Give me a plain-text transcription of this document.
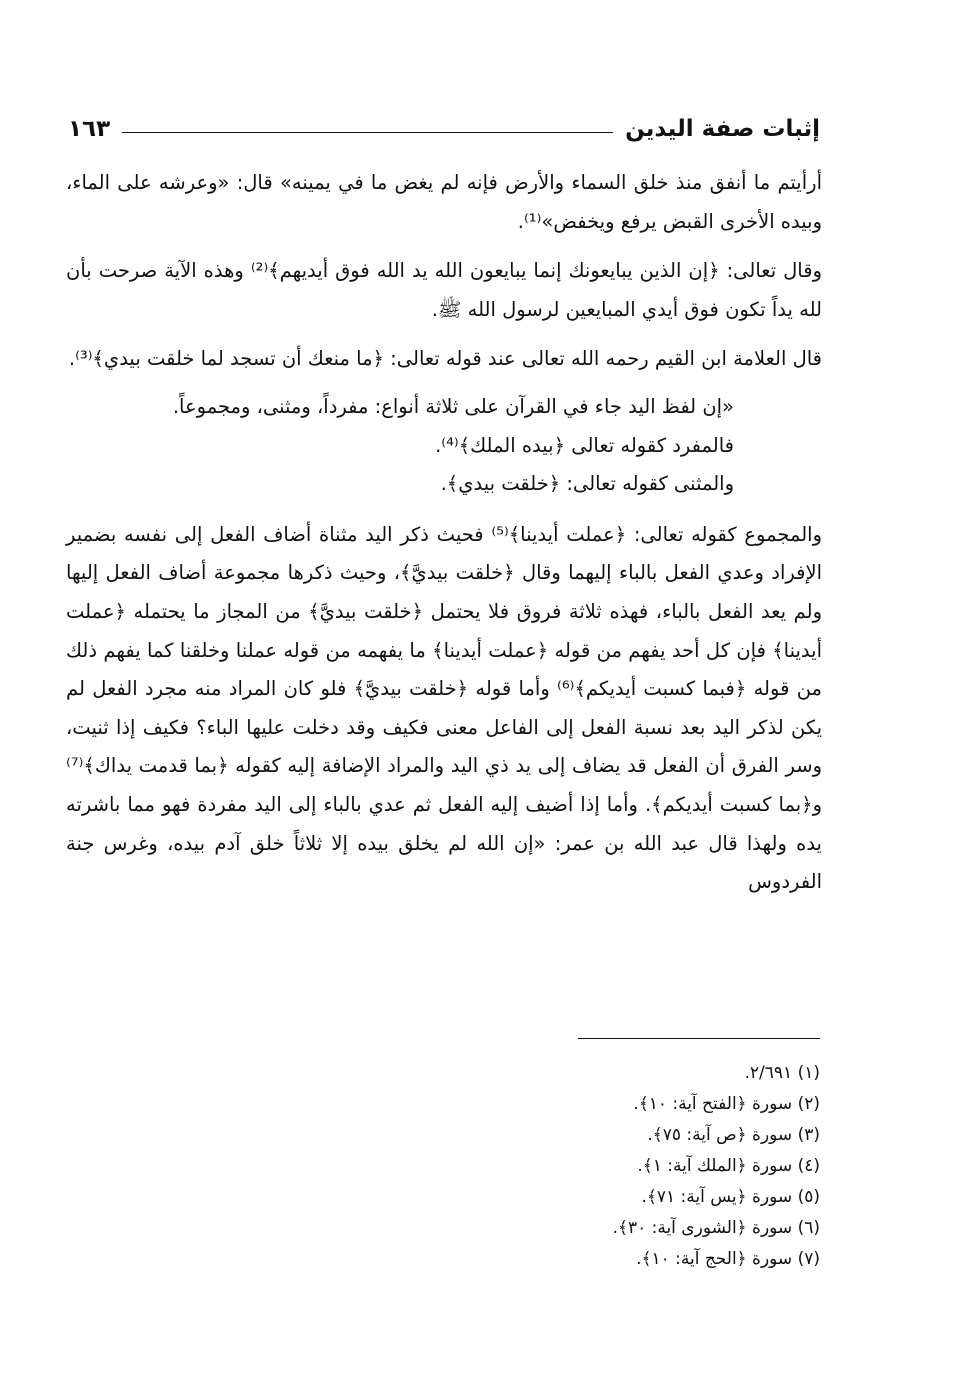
إثبات صفة اليدين
١٦٣

أرأيتم ما أنفق منذ خلق السماء والأرض فإنه لم يغض ما في يمينه» قال: «وعرشه على الماء، وبيده الأخرى القبض يرفع ويخفض»⁽¹⁾.

وقال تعالى: ﴿إن الذين يبايعونك إنما يبايعون الله يد الله فوق أيديهم﴾⁽²⁾ وهذه الآية صرحت بأن لله يداً تكون فوق أيدي المبايعين لرسول الله ﷺ.

قال العلامة ابن القيم رحمه الله تعالى عند قوله تعالى: ﴿ما منعك أن تسجد لما خلقت بيدي﴾⁽³⁾.

«إن لفظ اليد جاء في القرآن على ثلاثة أنواع: مفرداً، ومثنى، ومجموعاً.

فالمفرد كقوله تعالى ﴿بيده الملك﴾⁽⁴⁾.

والمثنى كقوله تعالى: ﴿خلقت بيدي﴾.

والمجموع كقوله تعالى: ﴿عملت أيدينا﴾⁽⁵⁾ فحيث ذكر اليد مثناة أضاف الفعل إلى نفسه بضمير الإفراد وعدي الفعل بالباء إليهما وقال ﴿خلقت بيديَّ﴾، وحيث ذكرها مجموعة أضاف الفعل إليها ولم يعد الفعل بالباء، فهذه ثلاثة فروق فلا يحتمل ﴿خلقت بيديَّ﴾ من المجاز ما يحتمله ﴿عملت أيدينا﴾ فإن كل أحد يفهم من قوله ﴿عملت أيدينا﴾ ما يفهمه من قوله عملنا وخلقنا كما يفهم ذلك من قوله ﴿فبما كسبت أيديكم﴾⁽⁶⁾ وأما قوله ﴿خلقت بيديَّ﴾ فلو كان المراد منه مجرد الفعل لم يكن لذكر اليد بعد نسبة الفعل إلى الفاعل معنى فكيف وقد دخلت عليها الباء؟ فكيف إذا ثنيت، وسر الفرق أن الفعل قد يضاف إلى يد ذي اليد والمراد الإضافة إليه كقوله ﴿بما قدمت يداك﴾⁽⁷⁾ و﴿بما كسبت أيديكم﴾. وأما إذا أضيف إليه الفعل ثم عدي بالباء إلى اليد مفردة فهو مما باشرته يده ولهذا قال عبد الله بن عمر: «إن الله لم يخلق بيده إلا ثلاثاً خلق آدم بيده، وغرس جنة الفردوس

(١) ٢/٦٩١.
(٢) سورة ﴿الفتح آية: ١٠﴾.
(٣) سورة ﴿ص آية: ٧٥﴾.
(٤) سورة ﴿الملك آية: ١﴾.
(٥) سورة ﴿يس آية: ٧١﴾.
(٦) سورة ﴿الشورى آية: ٣٠﴾.
(٧) سورة ﴿الحج آية: ١٠﴾.
